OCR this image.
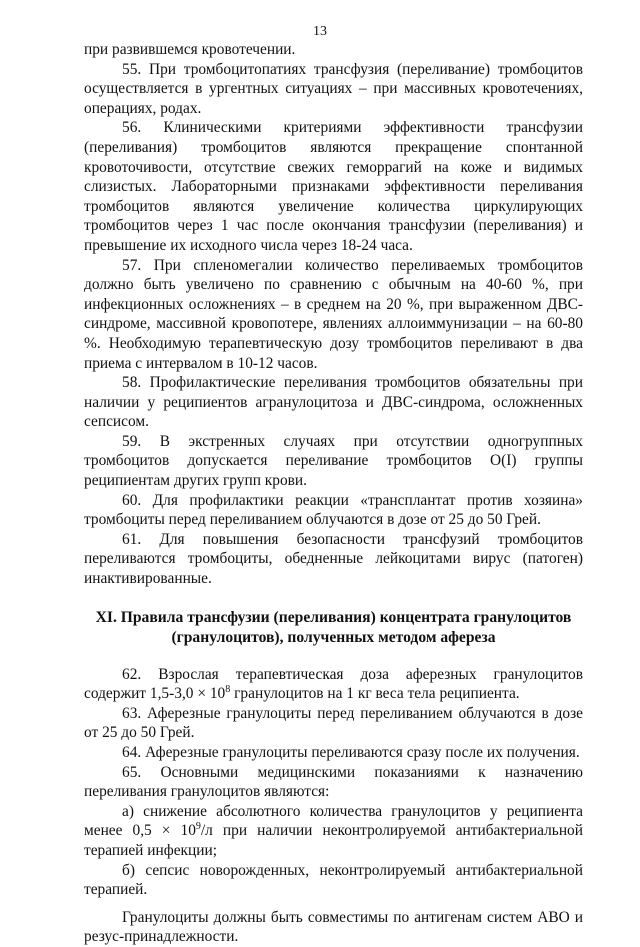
13

при развившемся кровотечении.

55. При тромбоцитопатиях трансфузия (переливание) тромбоцитов осуществляется в ургентных ситуациях – при массивных кровотечениях, операциях, родах.

56. Клиническими критериями эффективности трансфузии (переливания) тромбоцитов являются прекращение спонтанной кровоточивости, отсутствие свежих геморрагий на коже и видимых слизистых. Лабораторными признаками эффективности переливания тромбоцитов являются увеличение количества циркулирующих тромбоцитов через 1 час после окончания трансфузии (переливания) и превышение их исходного числа через 18-24 часа.

57. При спленомегалии количество переливаемых тромбоцитов должно быть увеличено по сравнению с обычным на 40-60 %, при инфекционных осложнениях – в среднем на 20 %, при выраженном ДВС-синдроме, массивной кровопотере, явлениях аллоиммунизации – на 60-80 %. Необходимую терапевтическую дозу тромбоцитов переливают в два приема с интервалом в 10-12 часов.

58. Профилактические переливания тромбоцитов обязательны при наличии у реципиентов агранулоцитоза и ДВС-синдрома, осложненных сепсисом.

59. В экстренных случаях при отсутствии одногруппных тромбоцитов допускается переливание тромбоцитов O(I) группы реципиентам других групп крови.

60. Для профилактики реакции «трансплантат против хозяина» тромбоциты перед переливанием облучаются в дозе от 25 до 50 Грей.

61. Для повышения безопасности трансфузий тромбоцитов переливаются тромбоциты, обедненные лейкоцитами вирус (патоген) инактивированные.

XI. Правила трансфузии (переливания) концентрата гранулоцитов (гранулоцитов), полученных методом афереза

62. Взрослая терапевтическая доза аферезных гранулоцитов содержит $1,5-3,0 \times 10^8$ гранулоцитов на 1 кг веса тела реципиента.

63. Аферезные гранулоциты перед переливанием облучаются в дозе от 25 до 50 Грей.

64. Аферезные гранулоциты переливаются сразу после их получения.

65. Основными медицинскими показаниями к назначению переливания гранулоцитов являются:

а) снижение абсолютного количества гранулоцитов у реципиента менее $0,5 \times 10^9/л$ при наличии неконтролируемой антибактериальной терапией инфекции;

б) сепсис новорожденных, неконтролируемый антибактериальной терапией.

Гранулоциты должны быть совместимы по антигенам систем АВО и резус-принадлежности.
